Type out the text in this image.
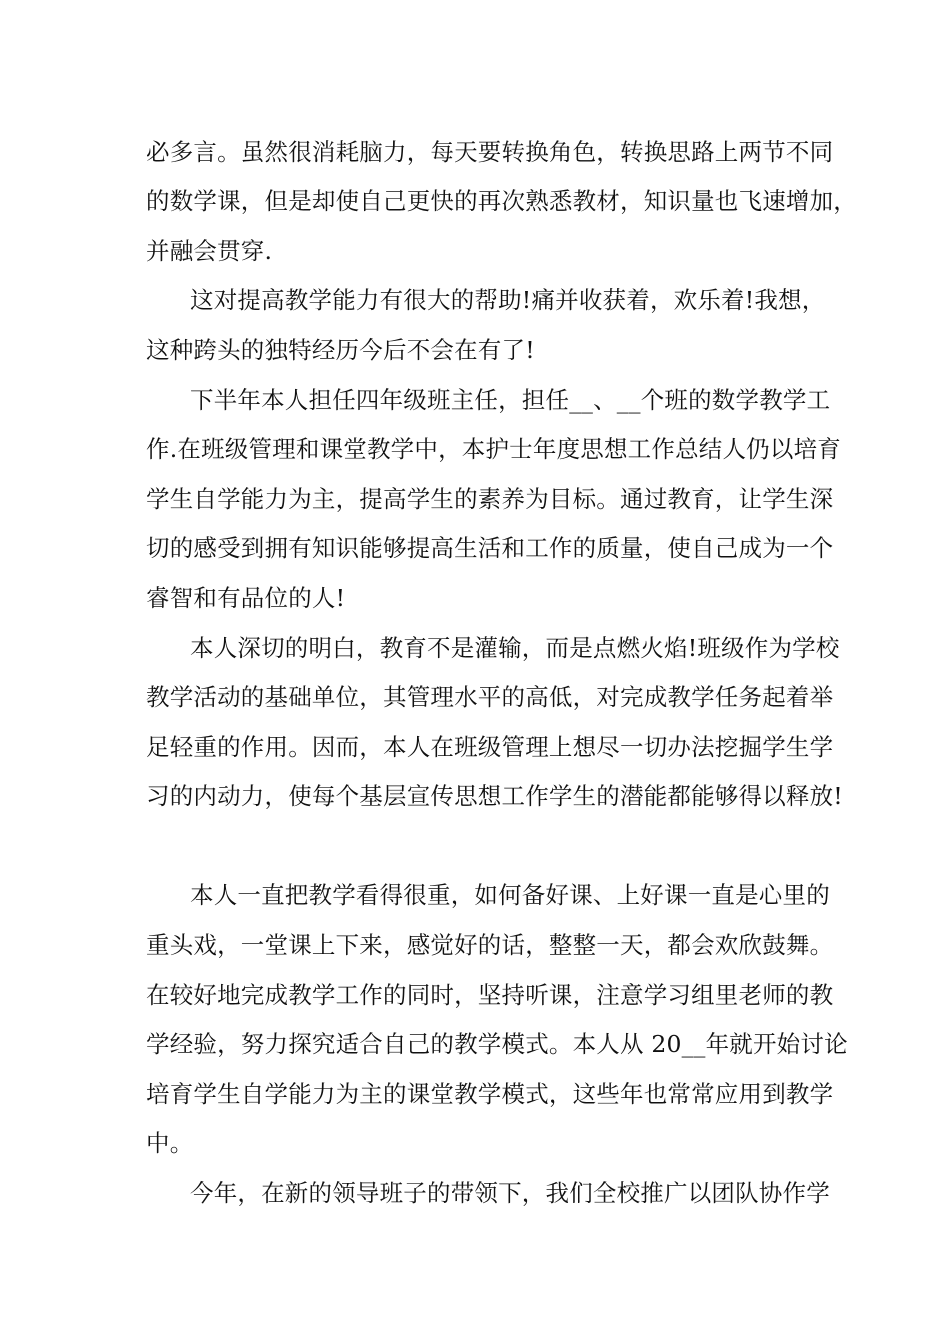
必多言。虽然很消耗脑力，每天要转换角色，转换思路上两节不同
的数学课，但是却使自己更快的再次熟悉教材，知识量也飞速增加，
并融会贯穿.
这对提高教学能力有很大的帮助!痛并收获着，欢乐着!我想，
这种跨头的独特经历今后不会在有了!
下半年本人担任四年级班主任，担任__、__个班的数学教学工
作.在班级管理和课堂教学中，本护士年度思想工作总结人仍以培育
学生自学能力为主，提高学生的素养为目标。通过教育，让学生深
切的感受到拥有知识能够提高生活和工作的质量，使自己成为一个
睿智和有品位的人!
本人深切的明白，教育不是灌输，而是点燃火焰!班级作为学校
教学活动的基础单位，其管理水平的高低，对完成教学任务起着举
足轻重的作用。因而，本人在班级管理上想尽一切办法挖掘学生学
习的内动力，使每个基层宣传思想工作学生的潜能都能够得以释放!
本人一直把教学看得很重，如何备好课、上好课一直是心里的
重头戏，一堂课上下来，感觉好的话，整整一天，都会欢欣鼓舞。
在较好地完成教学工作的同时，坚持听课，注意学习组里老师的教
学经验，努力探究适合自己的教学模式。本人从 20__年就开始讨论
培育学生自学能力为主的课堂教学模式，这些年也常常应用到教学
中。
今年，在新的领导班子的带领下，我们全校推广以团队协作学
